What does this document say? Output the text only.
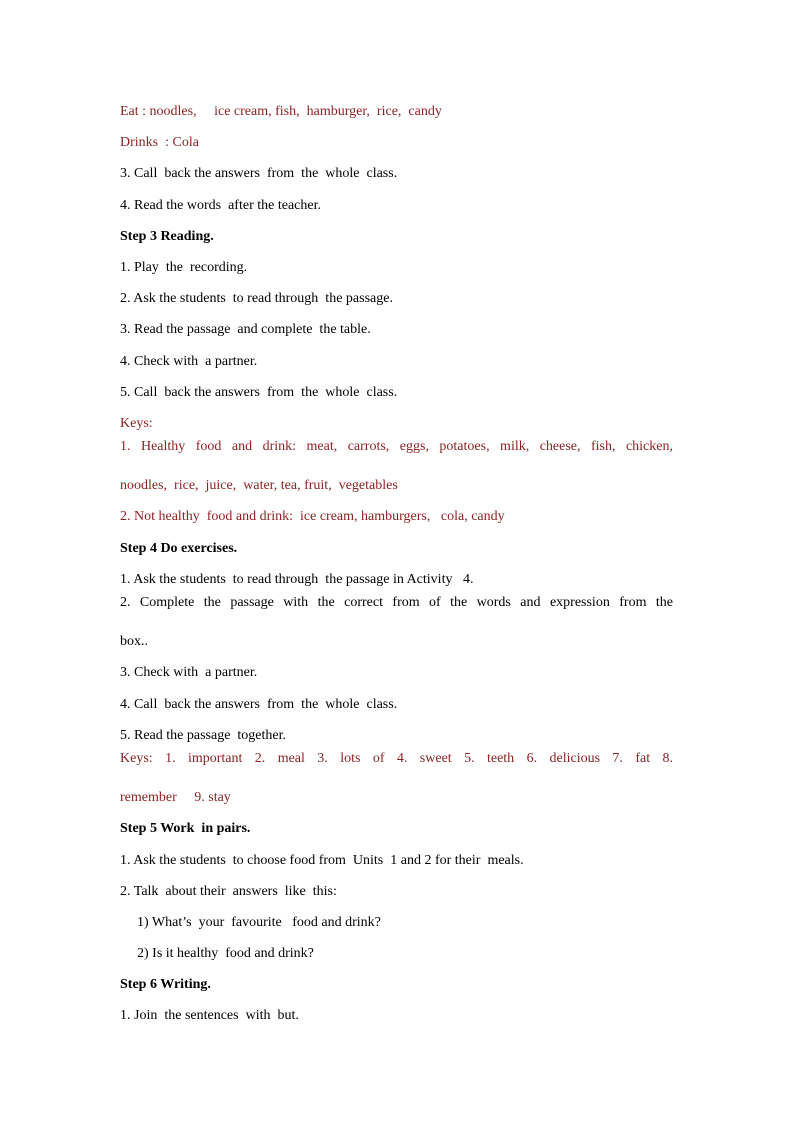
Eat : noodles,     ice cream, fish,  hamburger,  rice,  candy
Drinks  : Cola
3. Call  back the answers  from  the  whole  class.
4. Read the words  after the teacher.
Step 3 Reading.
1. Play  the  recording.
2. Ask the students  to read through  the passage.
3. Read the passage  and complete  the table.
4. Check with  a partner.
5. Call  back the answers  from  the  whole  class.
Keys:
1. Healthy food and drink: meat, carrots, eggs, potatoes, milk, cheese, fish, chicken,
noodles,  rice,  juice,  water, tea, fruit,  vegetables
2. Not healthy  food and drink:  ice cream, hamburgers,   cola, candy
Step 4 Do exercises.
1. Ask the students  to read through  the passage in Activity   4.
2. Complete the passage with the correct from of the words and expression from the
box..
3. Check with  a partner.
4. Call  back the answers  from  the  whole  class.
5. Read the passage  together.
Keys: 1. important 2. meal 3. lots of 4. sweet 5. teeth 6. delicious 7. fat 8.
remember     9. stay
Step 5 Work  in pairs.
1. Ask the students  to choose food from  Units  1 and 2 for their  meals.
2. Talk  about their  answers  like  this:
1) What’s  your  favourite   food and drink?
2) Is it healthy  food and drink?
Step 6 Writing.
1. Join  the sentences  with  but.
